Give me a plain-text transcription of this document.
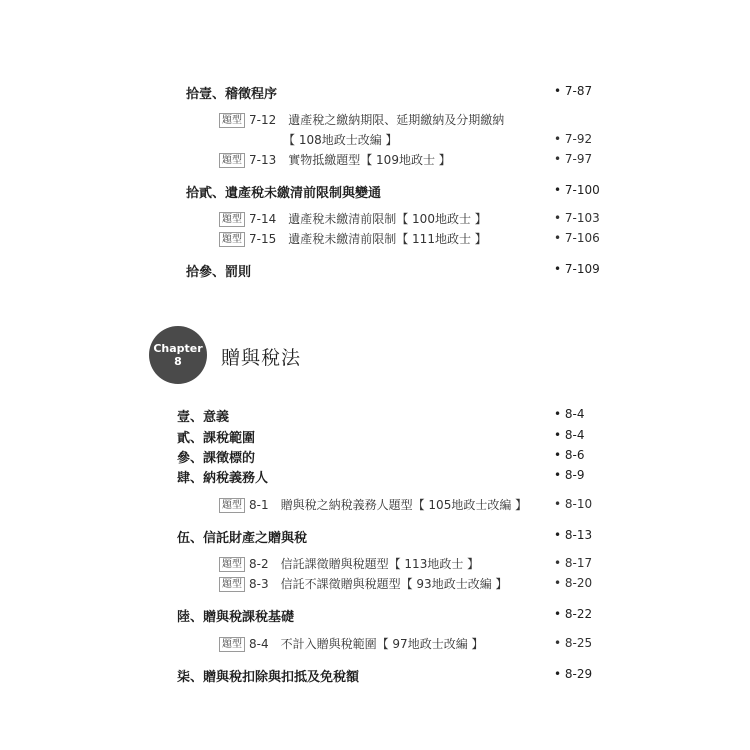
拾壹、稽徵程序	• 7-87
題型 7-12 遺產稅之繳納期限、延期繳納及分期繳納
【 108地政士改編 】	• 7-92
題型 7-13 實物抵繳題型【 109地政士 】	• 7-97
拾貳、遺產稅未繳清前限制與變通	• 7-100
題型 7-14 遺產稅未繳清前限制【 100地政士 】	• 7-103
題型 7-15 遺產稅未繳清前限制【 111地政士 】	• 7-106
拾參、罰則	• 7-109
Chapter 8	贈與稅法
壹、意義	• 8-4
貳、課稅範圍	• 8-4
參、課徵標的	• 8-6
肆、納稅義務人	• 8-9
題型 8-1 贈與稅之納稅義務人題型【 105地政士改編 】 • 8-10
伍、信託財產之贈與稅	• 8-13
題型 8-2 信託課徵贈與稅題型【 113地政士 】	• 8-17
題型 8-3 信託不課徵贈與稅題型【 93地政士改編 】	• 8-20
陸、贈與稅課稅基礎	• 8-22
題型 8-4 不計入贈與稅範圍【 97地政士改編 】	• 8-25
柒、贈與稅扣除與扣抵及免稅額	• 8-29
